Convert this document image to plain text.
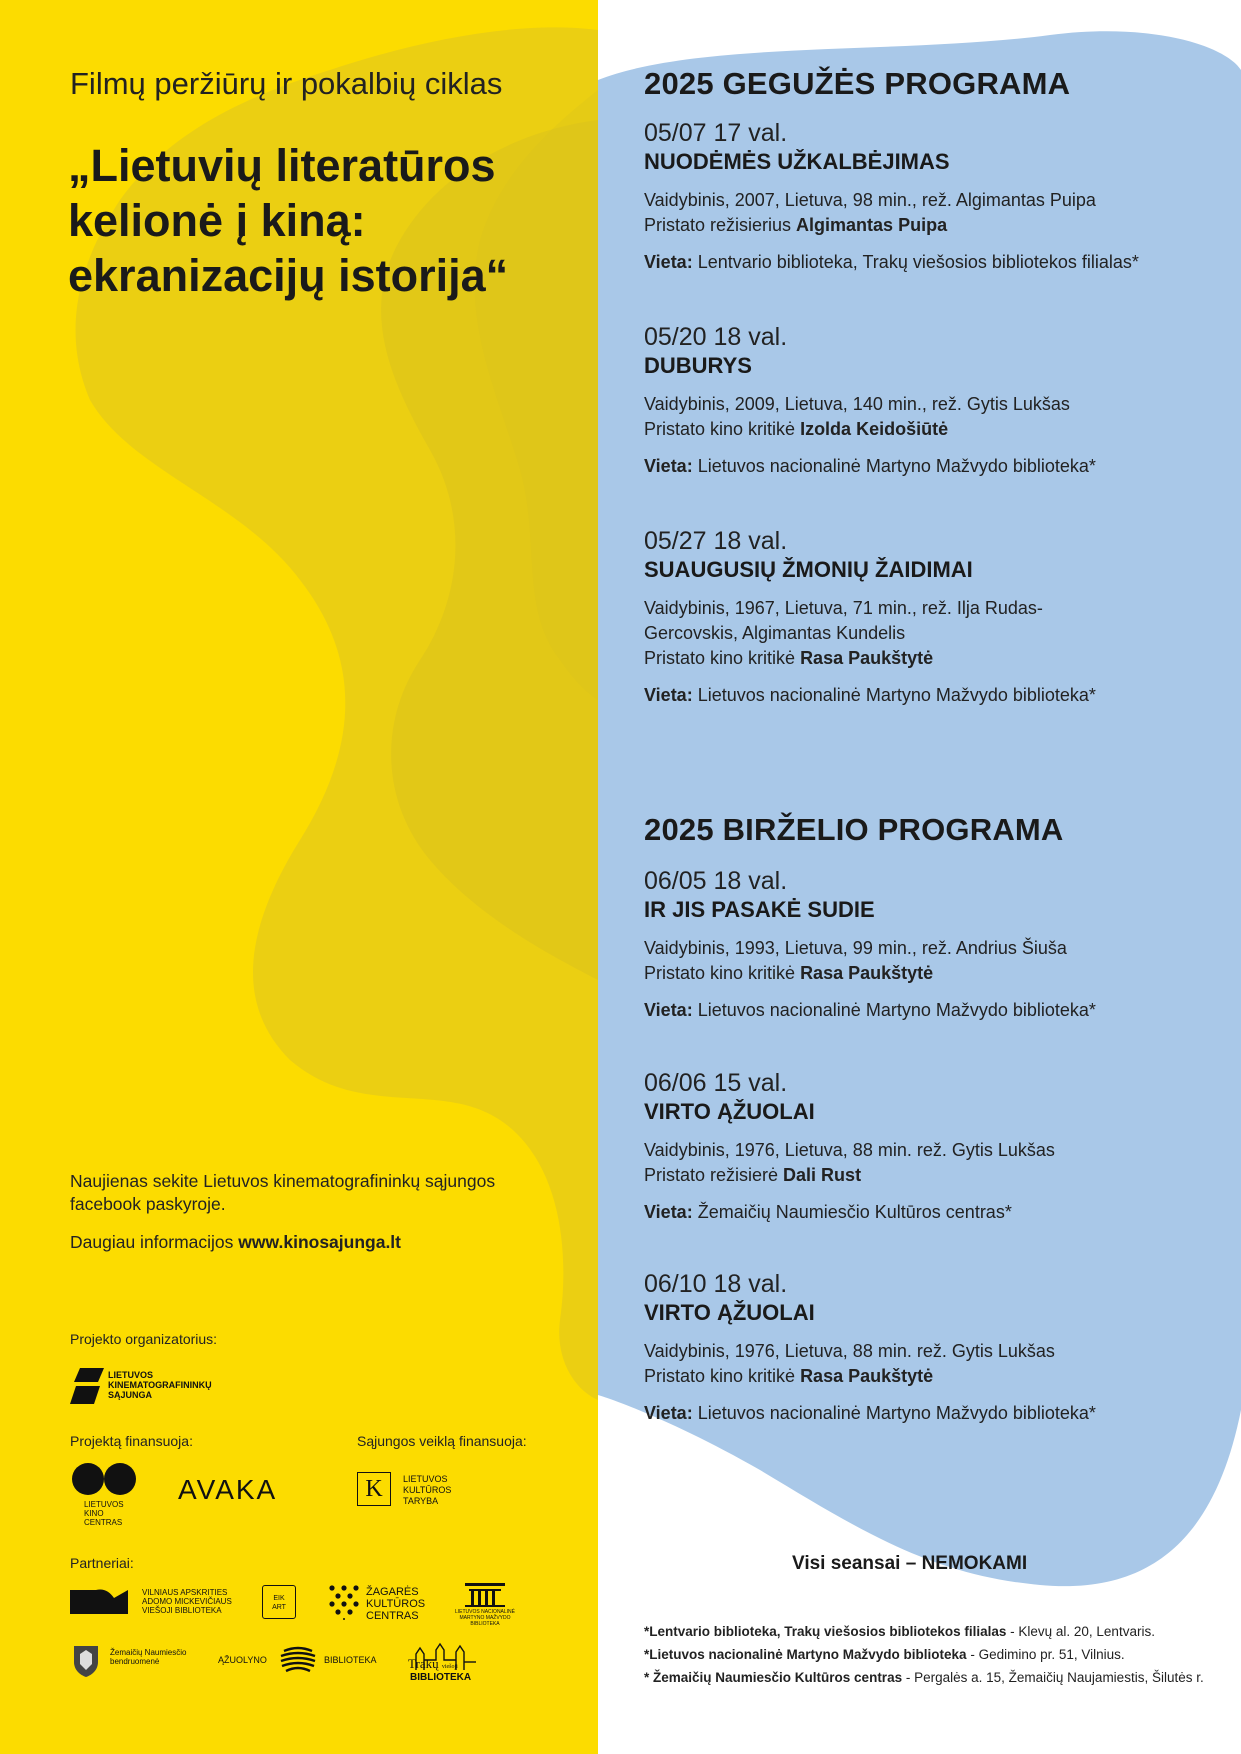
Filmų peržiūrų ir pokalbių ciklas
„Lietuvių literatūros
kelionė į kiną:
ekranizacijų istorija“
Naujienas sekite Lietuvos kinematografininkų sąjungos facebook paskyroje.
Daugiau informacijos www.kinosajunga.lt
Projekto organizatorius:
LIETUVOS
KINEMATOGRAFININKŲ
SĄJUNGA
Projektą finansuoja:	Sąjungos veiklą finansuoja:
LIETUVOS
KINO
CENTRAS
AVAKA	K	LIETUVOS
KULTŪROS
TARYBA
Partneriai:
VILNIAUS APSKRITIES
ADOMO MICKEVIČIAUS
VIEŠOJI BIBLIOTEKA
EIK
ART
ŽAGARĖS
KULTŪROS
CENTRAS	LIETUVOS NACIONALINĖ
MARTYNO MAŽVYDO
BIBLIOTEKA
Žemaičių Naumiesčio
bendruomenė	ĄŽUOLYNO	BIBLIOTEKA Trakų viešoji
BIBLIOTEKA
2025 GEGUŽĖS PROGRAMA
05/07 17 val.
NUODĖMĖS UŽKALBĖJIMAS
Vaidybinis, 2007, Lietuva, 98 min., rež. Algimantas Puipa
Pristato režisierius Algimantas Puipa
Vieta: Lentvario biblioteka, Trakų viešosios bibliotekos filialas*
05/20 18 val.
DUBURYS
Vaidybinis, 2009, Lietuva, 140 min., rež. Gytis Lukšas
Pristato kino kritikė Izolda Keidošiūtė
Vieta: Lietuvos nacionalinė Martyno Mažvydo biblioteka*
05/27 18 val.
SUAUGUSIŲ ŽMONIŲ ŽAIDIMAI
Vaidybinis, 1967, Lietuva, 71 min., rež. Ilja Rudas-
Gercovskis, Algimantas Kundelis
Pristato kino kritikė Rasa Paukštytė
Vieta: Lietuvos nacionalinė Martyno Mažvydo biblioteka*
2025 BIRŽELIO PROGRAMA
06/05 18 val.
IR JIS PASAKĖ SUDIE
Vaidybinis, 1993, Lietuva, 99 min., rež. Andrius Šiuša
Pristato kino kritikė Rasa Paukštytė
Vieta: Lietuvos nacionalinė Martyno Mažvydo biblioteka*
06/06 15 val.
VIRTO ĄŽUOLAI
Vaidybinis, 1976, Lietuva, 88 min. rež. Gytis Lukšas
Pristato režisierė Dali Rust
Vieta: Žemaičių Naumiesčio Kultūros centras*
06/10 18 val.
VIRTO ĄŽUOLAI
Vaidybinis, 1976, Lietuva, 88 min. rež. Gytis Lukšas
Pristato kino kritikė Rasa Paukštytė
Vieta: Lietuvos nacionalinė Martyno Mažvydo biblioteka*
Visi seansai – NEMOKAMI
*Lentvario biblioteka, Trakų viešosios bibliotekos filialas - Klevų al. 20, Lentvaris.
*Lietuvos nacionalinė Martyno Mažvydo biblioteka - Gedimino pr. 51, Vilnius.
* Žemaičių Naumiesčio Kultūros centras - Pergalės a. 15, Žemaičių Naujamiestis, Šilutės r.
